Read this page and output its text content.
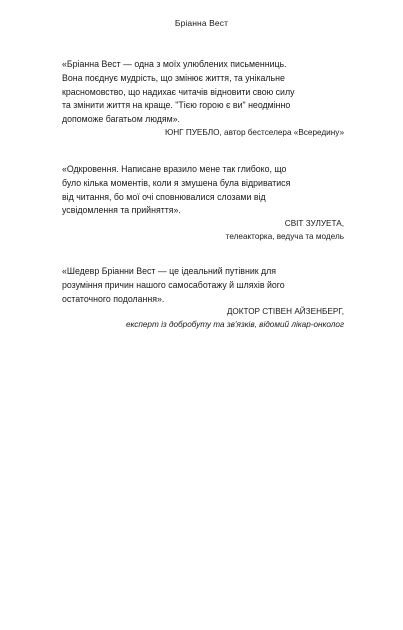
Бріанна Вест

«Бріанна Вест — одна з моїх улюблених письменниць.
Вона поєднує мудрість, що змінює життя, та унікальне
красномовство, що надихає читачів відновити свою силу
та змінити життя на краще. "Тією горою є ви" неодмінно
допоможе багатьом людям».

ЮНГ ПУЕБЛО, автор бестселера «Всередину»

«Одкровення. Написане вразило мене так глибоко, що
було кілька моментів, коли я змушена була відриватися
від читання, бо мої очі сповнювалися слозами від
усвідомлення та прийняття».

СВІТ ЗУЛУЕТА,
телеакторка, ведуча та модель

«Шедевр Бріанни Вест — це ідеальний путівник для
розуміння причин нашого самосаботажу й шляхів його
остаточного подолання».

ДОКТОР СТІВЕН АЙЗЕНБЕРГ,
експерт із добробуту та зв'язків, відомий лікар-онколог
